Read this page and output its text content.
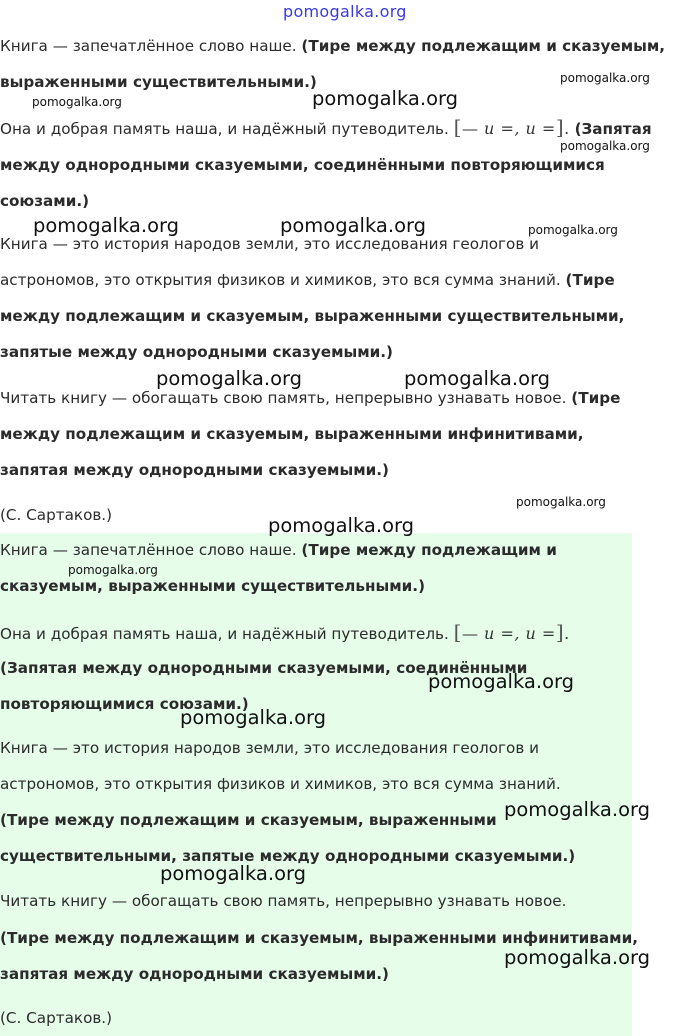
Книга — запечатлённое слово наше. (Тире между подлежащим и сказуемым, выраженными существительными.)

Она и добрая память наша, и надёжный путеводитель. [— и =, и =]. (Запятая между однородными сказуемыми, соединёнными повторяющимися союзами.)

Книга — это история народов земли, это исследования геологов и астрономов, это открытия физиков и химиков, это вся сумма знаний. (Тире между подлежащим и сказуемым, выраженными существительными, запятые между однородными сказуемыми.)

Читать книгу — обогащать свою память, непрерывно узнавать новое. (Тире между подлежащим и сказуемым, выраженными инфинитивами, запятая между однородными сказуемыми.)

(С. Сартаков.)

Книга — запечатлённое слово наше. (Тире между подлежащим и сказуемым, выраженными существительными.)

Она и добрая память наша, и надёжный путеводитель. [— и =, и =].

(Запятая между однородными сказуемыми, соединёнными повторяющимися союзами.)

Книга — это история народов земли, это исследования геологов и астрономов, это открытия физиков и химиков, это вся сумма знаний.

(Тире между подлежащим и сказуемым, выраженными существительными, запятые между однородными сказуемыми.)

Читать книгу — обогащать свою память, непрерывно узнавать новое.

(Тире между подлежащим и сказуемым, выраженными инфинитивами, запятая между однородными сказуемыми.)

(С. Сартаков.)

pomogalka.org
pomogalka.org
pomogalka.org	pomogalka.org
pomogalka.org
pomogalka.org	pomogalka.org	pomogalka.org
pomogalka.org	pomogalka.org
pomogalka.org
pomogalka.org
pomogalka.org
pomogalka.org
pomogalka.org
pomogalka.org
pomogalka.org
pomogalka.org
